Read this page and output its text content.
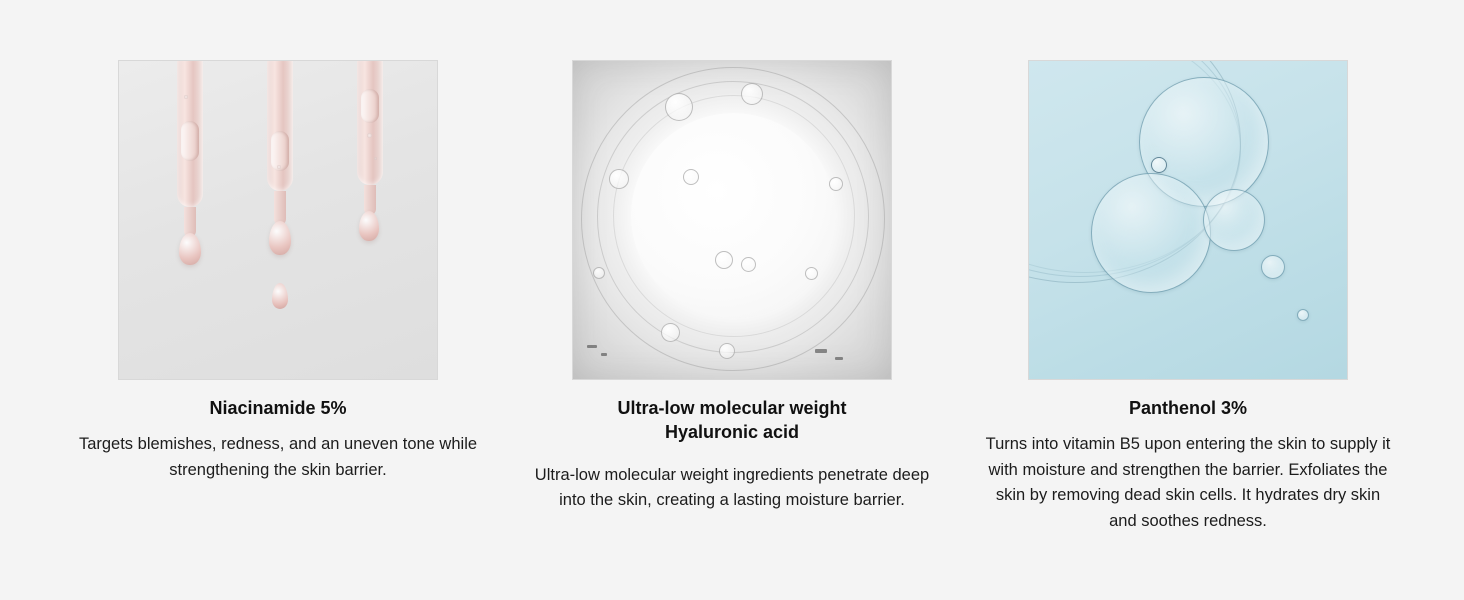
Niacinamide 5%
Targets blemishes, redness, and an uneven tone while strengthening the skin barrier.
Ultra-low molecular weight
Hyaluronic acid
Ultra-low molecular weight ingredients penetrate deep into the skin, creating a lasting moisture barrier.
Panthenol 3%
Turns into vitamin B5 upon entering the skin to supply it with moisture and strengthen the barrier. Exfoliates the skin by removing dead skin cells. It hydrates dry skin and soothes redness.
